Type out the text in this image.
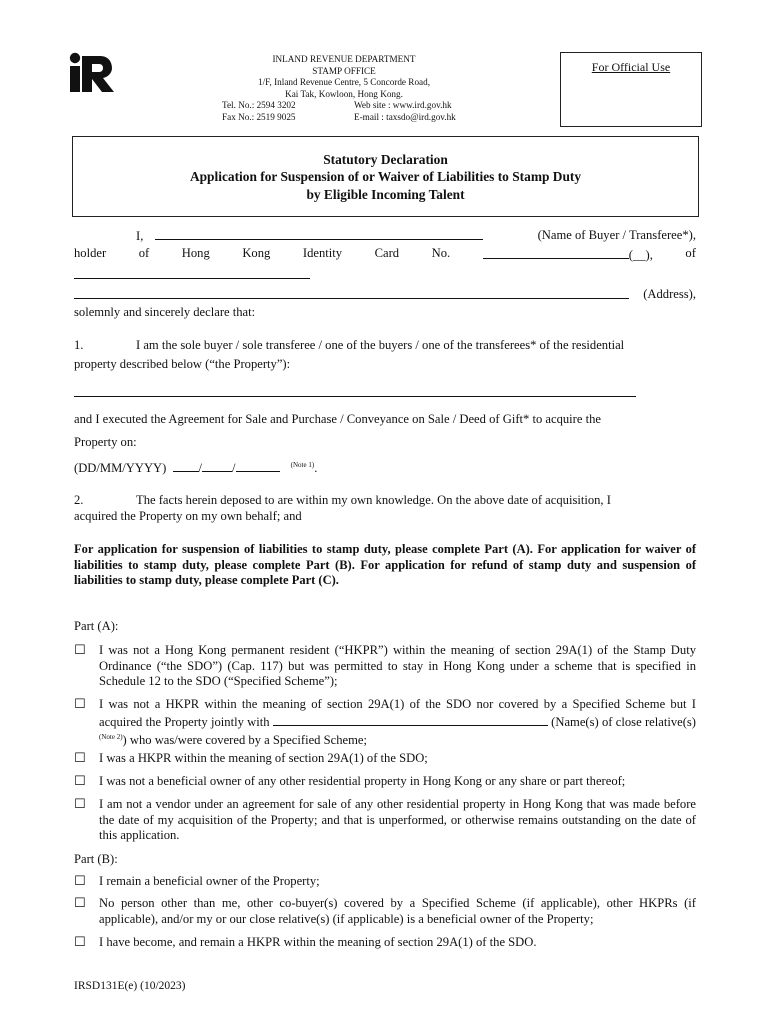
INLAND REVENUE DEPARTMENT
STAMP OFFICE
1/F, Inland Revenue Centre, 5 Concorde Road,
Kai Tak, Kowloon, Hong Kong.
Tel. No.: 2594 3202	Web site : www.ird.gov.hk
Fax No.: 2519 9025	E-mail : taxsdo@ird.gov.hk
For Official Use
Statutory Declaration
Application for Suspension of or Waiver of Liabilities to Stamp Duty
by Eligible Incoming Talent
I,	(Name of Buyer / Transferee*),
holder	of	Hong	Kong	Identity	Card	No.	(__),	of
(Address),
solemnly and sincerely declare that:
1.	I am the sole buyer / sole transferee / one of the buyers / one of the transferees* of the residential
property described below (“the Property”):
and I executed the Agreement for Sale and Purchase / Conveyance on Sale / Deed of Gift* to acquire the
Property on:
(DD/MM/YYYY)	/ /	$^{(Note 1)}$.
2.	The facts herein deposed to are within my own knowledge. On the above date of acquisition, I
acquired the Property on my own behalf; and
For application for suspension of liabilities to stamp duty, please complete Part (A). For application for waiver of liabilities to stamp duty, please complete Part (B). For application for refund of stamp duty and suspension of liabilities to stamp duty, please complete Part (C).
Part (A):
☐ I was not a Hong Kong permanent resident (“HKPR”) within the meaning of section 29A(1) of the Stamp Duty Ordinance (“the SDO”) (Cap. 117) but was permitted to stay in Hong Kong under a scheme that is specified in Schedule 12 to the SDO (“Specified Scheme”);
☐ I was not a HKPR within the meaning of section 29A(1) of the SDO nor covered by a Specified Scheme but I acquired the Property jointly with	(Name(s) of close relative(s) $^{(Note 2)}$) who was/were covered by a Specified Scheme;
☐ I was a HKPR within the meaning of section 29A(1) of the SDO;
☐ I was not a beneficial owner of any other residential property in Hong Kong or any share or part thereof;
☐ I am not a vendor under an agreement for sale of any other residential property in Hong Kong that was made before the date of my acquisition of the Property; and that is unperformed, or otherwise remains outstanding on the date of this application.
Part (B):
☐ I remain a beneficial owner of the Property;
☐ No person other than me, other co-buyer(s) covered by a Specified Scheme (if applicable), other HKPRs (if applicable), and/or my or our close relative(s) (if applicable) is a beneficial owner of the Property;
☐ I have become, and remain a HKPR within the meaning of section 29A(1) of the SDO.
IRSD131E(e) (10/2023)
